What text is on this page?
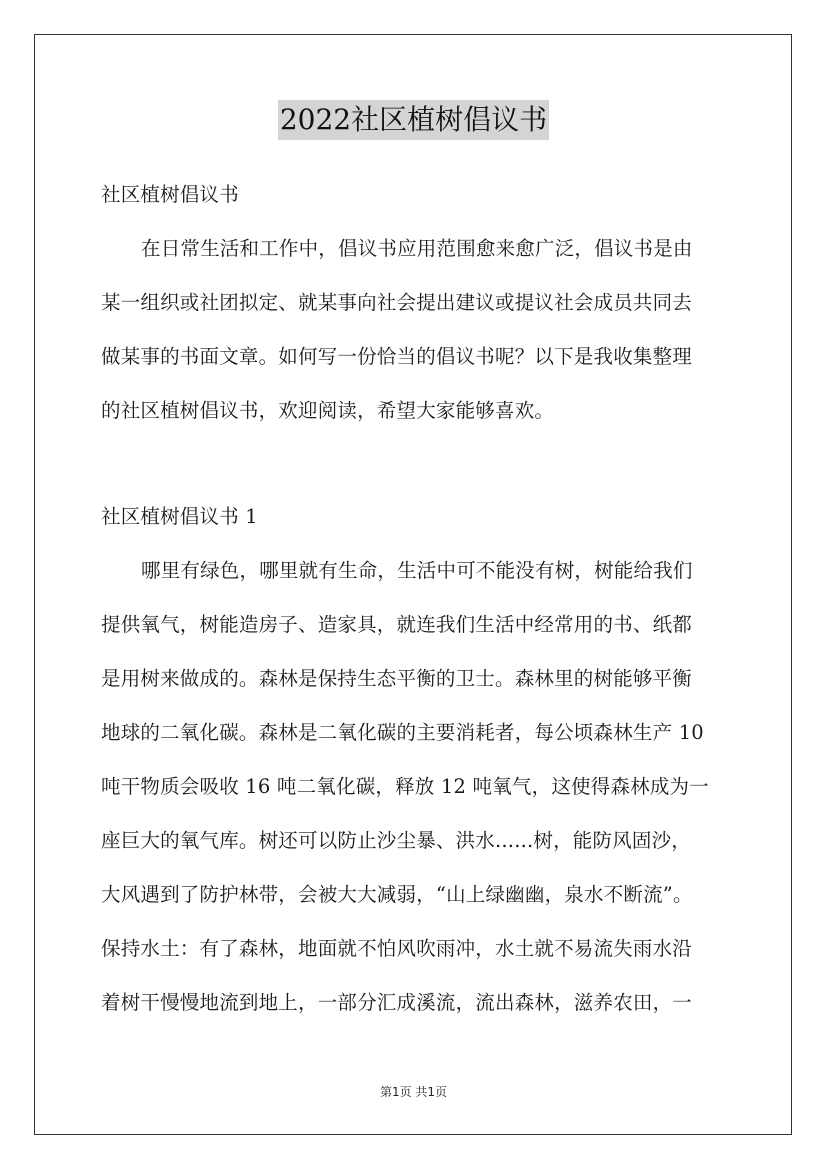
2022社区植树倡议书
社区植树倡议书
在日常生活和工作中，倡议书应用范围愈来愈广泛，倡议书是由
某一组织或社团拟定、就某事向社会提出建议或提议社会成员共同去
做某事的书面文章。如何写一份恰当的倡议书呢？以下是我收集整理
的社区植树倡议书，欢迎阅读，希望大家能够喜欢。
社区植树倡议书 1
哪里有绿色，哪里就有生命，生活中可不能没有树，树能给我们
提供氧气，树能造房子、造家具，就连我们生活中经常用的书、纸都
是用树来做成的。森林是保持生态平衡的卫士。森林里的树能够平衡
地球的二氧化碳。森林是二氧化碳的主要消耗者，每公顷森林生产 10
吨干物质会吸收 16 吨二氧化碳，释放 12 吨氧气，这使得森林成为一
座巨大的氧气库。树还可以防止沙尘暴、洪水......树，能防风固沙，
大风遇到了防护林带，会被大大减弱，“山上绿幽幽，泉水不断流”。
保持水土：有了森林，地面就不怕风吹雨冲，水土就不易流失雨水沿
着树干慢慢地流到地上，一部分汇成溪流，流出森林，滋养农田，一
第1页 共1页
